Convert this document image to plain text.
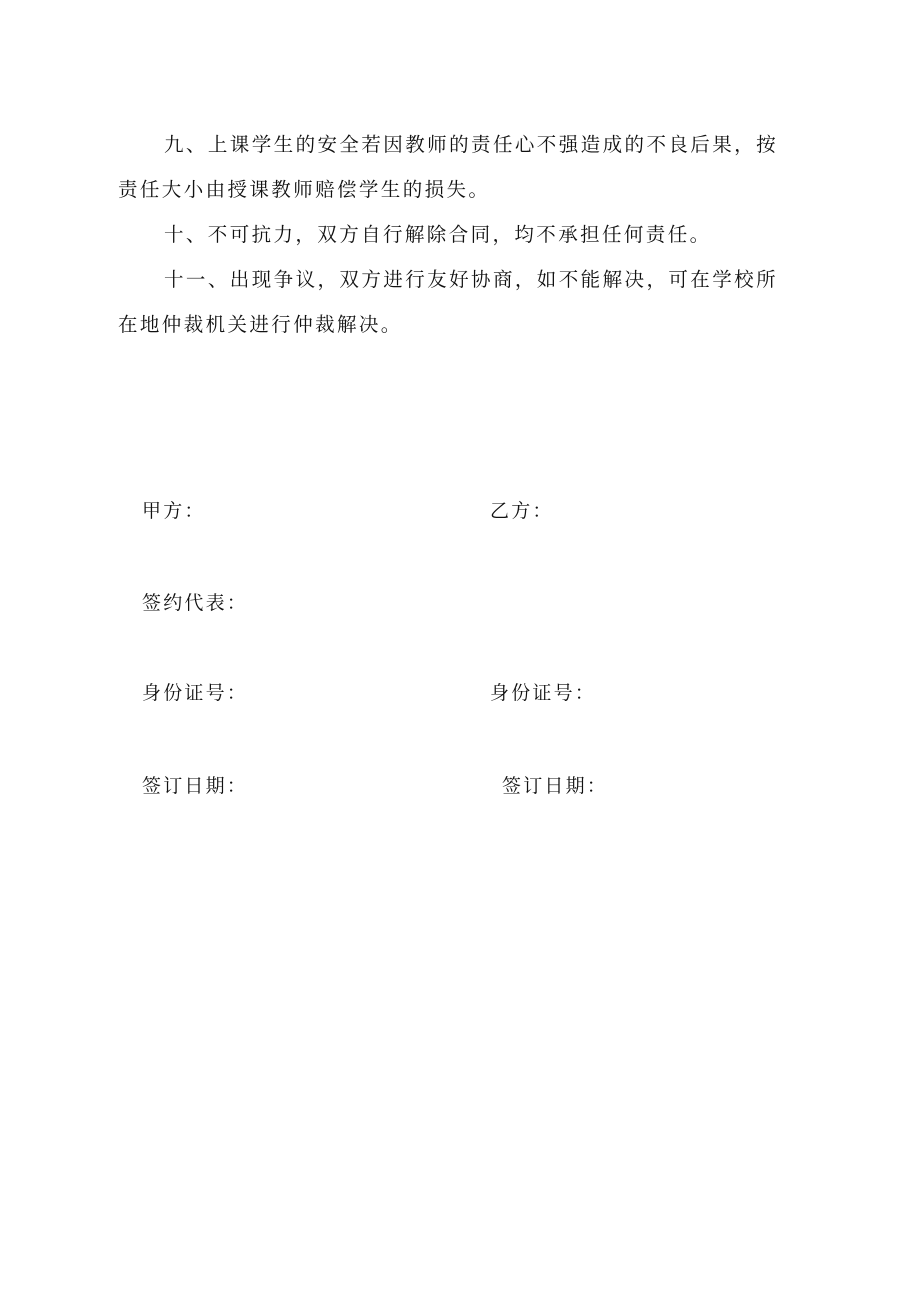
九、上课学生的安全若因教师的责任心不强造成的不良后果，按责任大小由授课教师赔偿学生的损失。

十、不可抗力，双方自行解除合同，均不承担任何责任。

十一、出现争议，双方进行友好协商，如不能解决，可在学校所在地仲裁机关进行仲裁解决。

甲方：	乙方：
签约代表：
身份证号：	身份证号：
签订日期：	签订日期：
